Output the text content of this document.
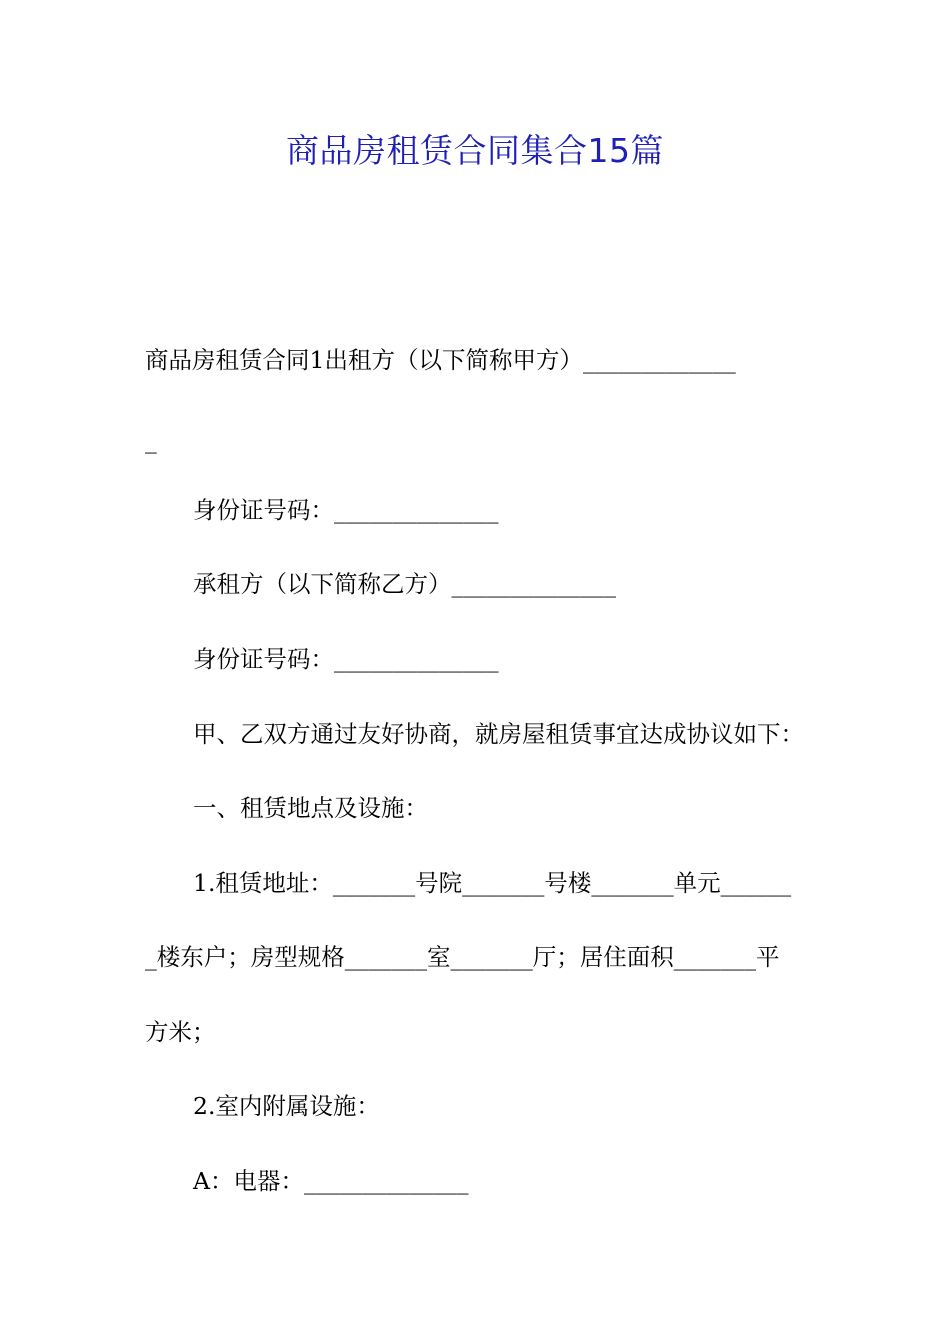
商品房租赁合同集合15篇
商品房租赁合同1出租方（以下简称甲方）_____________
_
身份证号码：______________
承租方（以下简称乙方）______________
身份证号码：______________
甲、乙双方通过友好协商，就房屋租赁事宜达成协议如下：
一、租赁地点及设施：
1.租赁地址：_______号院_______号楼_______单元______
_楼东户；房型规格_______室_______厅；居住面积_______平
方米；
2.室内附属设施：
A：电器：______________
